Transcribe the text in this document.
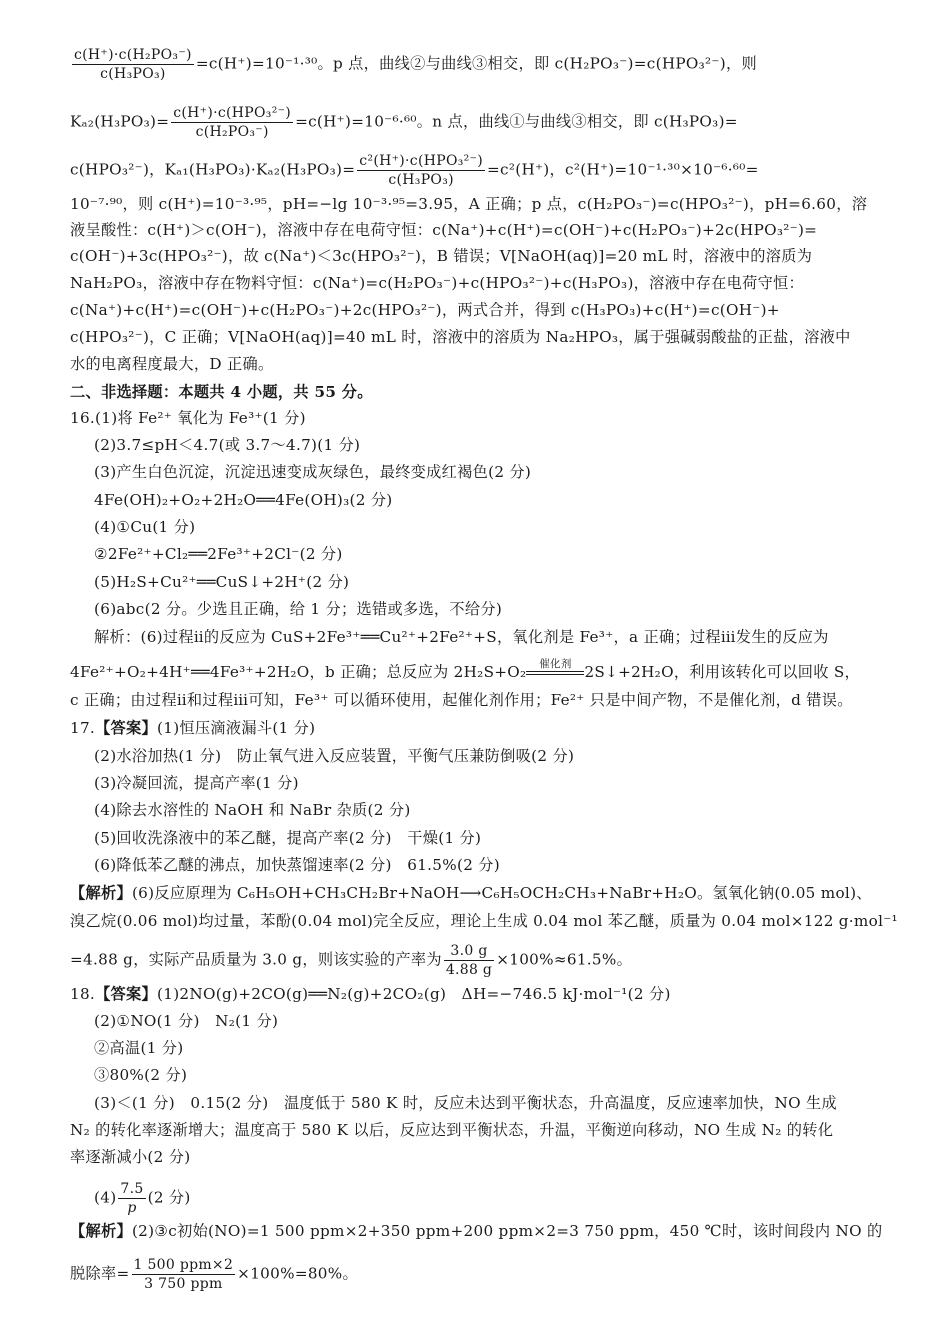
$\frac{\text{c(H⁺)·c(H₂PO₃⁻)}}{\text{c(H₃PO₃)}} =c(H^+)=10^{-1}\cdot^{30}$。p 点，曲线②与曲线③相交，即 c(H₂PO₃⁻)=c(HPO₃²⁻)，则
Kₐ₂(H₃PO₃)= c(H⁺)·c(HPO₃²⁻)
c(H₂PO₃⁻)
=c(H⁺)=10⁻⁶·⁶⁰。n 点，曲线①与曲线③相交，即 c(H₃PO₃)=
c(HPO₃²⁻)，Kₐ₁(H₃PO₃)·Kₐ₂(H₃PO₃)= c²(H⁺)·c(HPO₃²⁻)
c(H₃PO₃)
=c²(H⁺)，c²(H⁺)=10⁻¹·³⁰×10⁻⁶·⁶⁰=
10⁻⁷·⁹⁰，则 c(H⁺)=10⁻³·⁹⁵，pH=−lg 10⁻³·⁹⁵=3.95，A 正确；p 点，c(H₂PO₃⁻)=c(HPO₃²⁻)，pH=6.60，溶
液呈酸性：c(H⁺)＞c(OH⁻)，溶液中存在电荷守恒：c(Na⁺)+c(H⁺)=c(OH⁻)+c(H₂PO₃⁻)+2c(HPO₃²⁻)=
c(OH⁻)+3c(HPO₃²⁻)，故 c(Na⁺)＜3c(HPO₃²⁻)，B 错误；V[NaOH(aq)]=20 mL 时，溶液中的溶质为
NaH₂PO₃，溶液中存在物料守恒：c(Na⁺)=c(H₂PO₃⁻)+c(HPO₃²⁻)+c(H₃PO₃)，溶液中存在电荷守恒：
c(Na⁺)+c(H⁺)=c(OH⁻)+c(H₂PO₃⁻)+2c(HPO₃²⁻)，两式合并，得到 c(H₃PO₃)+c(H⁺)=c(OH⁻)+
c(HPO₃²⁻)，C 正确；V[NaOH(aq)]=40 mL 时，溶液中的溶质为 Na₂HPO₃，属于强碱弱酸盐的正盐，溶液中
水的电离程度最大，D 正确。
二、非选择题：本题共 4 小题，共 55 分。
16.(1)将 Fe²⁺ 氧化为 Fe³⁺(1 分)
(2)3.7≤pH＜4.7(或 3.7～4.7)(1 分)
(3)产生白色沉淀，沉淀迅速变成灰绿色，最终变成红褐色(2 分)
4Fe(OH)₂+O₂+2H₂O══4Fe(OH)₃(2 分)
(4)①Cu(1 分)
②2Fe²⁺+Cl₂══2Fe³⁺+2Cl⁻(2 分)
(5)H₂S+Cu²⁺══CuS↓+2H⁺(2 分)
(6)abc(2 分。少选且正确，给 1 分；选错或多选，不给分)
解析：(6)过程ⅱ的反应为 CuS+2Fe³⁺══Cu²⁺+2Fe²⁺+S，氧化剂是 Fe³⁺，a 正确；过程ⅲ发生的反应为
4Fe²⁺+O₂+4H⁺══4Fe³⁺+2H₂O，b 正确；总反应为 2H₂S+O₂	催化剂 2S↓+2H₂O，利用该转化可以回收 S，
c 正确；由过程ⅱ和过程ⅲ可知，Fe³⁺ 可以循环使用，起催化剂作用；Fe²⁺ 只是中间产物，不是催化剂，d 错误。
17.【答案】(1)恒压滴液漏斗(1 分)
(2)水浴加热(1 分)　防止氧气进入反应装置，平衡气压兼防倒吸(2 分)
(3)冷凝回流，提高产率(1 分)
(4)除去水溶性的 NaOH 和 NaBr 杂质(2 分)
(5)回收洗涤液中的苯乙醚，提高产率(2 分)　干燥(1 分)
(6)降低苯乙醚的沸点，加快蒸馏速率(2 分)　61.5%(2 分)
【解析】(6)反应原理为 C₆H₅OH+CH₃CH₂Br+NaOH⟶C₆H₅OCH₂CH₃+NaBr+H₂O。氢氧化钠(0.05 mol)、
溴乙烷(0.06 mol)均过量，苯酚(0.04 mol)完全反应，理论上生成 0.04 mol 苯乙醚，质量为 0.04 mol×122 g·mol⁻¹
=4.88 g，实际产品质量为 3.0 g，则该实验的产率为 $\frac{3.0 g}{4.88 g} \times 100\%\approx 61.5\%$。
18.【答案】(1)2NO(g)+2CO(g)══N₂(g)+2CO₂(g)　ΔH=−746.5 kJ·mol⁻¹(2 分)
(2)①NO(1 分)　N₂(1 分)
②高温(1 分)
③80%(2 分)
(3)＜(1 分)　0.15(2 分)　温度低于 580 K 时，反应未达到平衡状态，升高温度，反应速率加快，NO 生成
N₂ 的转化率逐渐增大；温度高于 580 K 以后，反应达到平衡状态，升温，平衡逆向移动，NO 生成 N₂ 的转化
率逐渐减小(2 分)
$(4) \frac{7.5}{p} (2$ 分)
【解析】(2)③c初始(NO)=1 500 ppm×2+350 ppm+200 ppm×2=3 750 ppm，450 ℃时，该时间段内 NO 的
脱除率= 1 500 ppm×2
3 750 ppm
×100%=80%。
